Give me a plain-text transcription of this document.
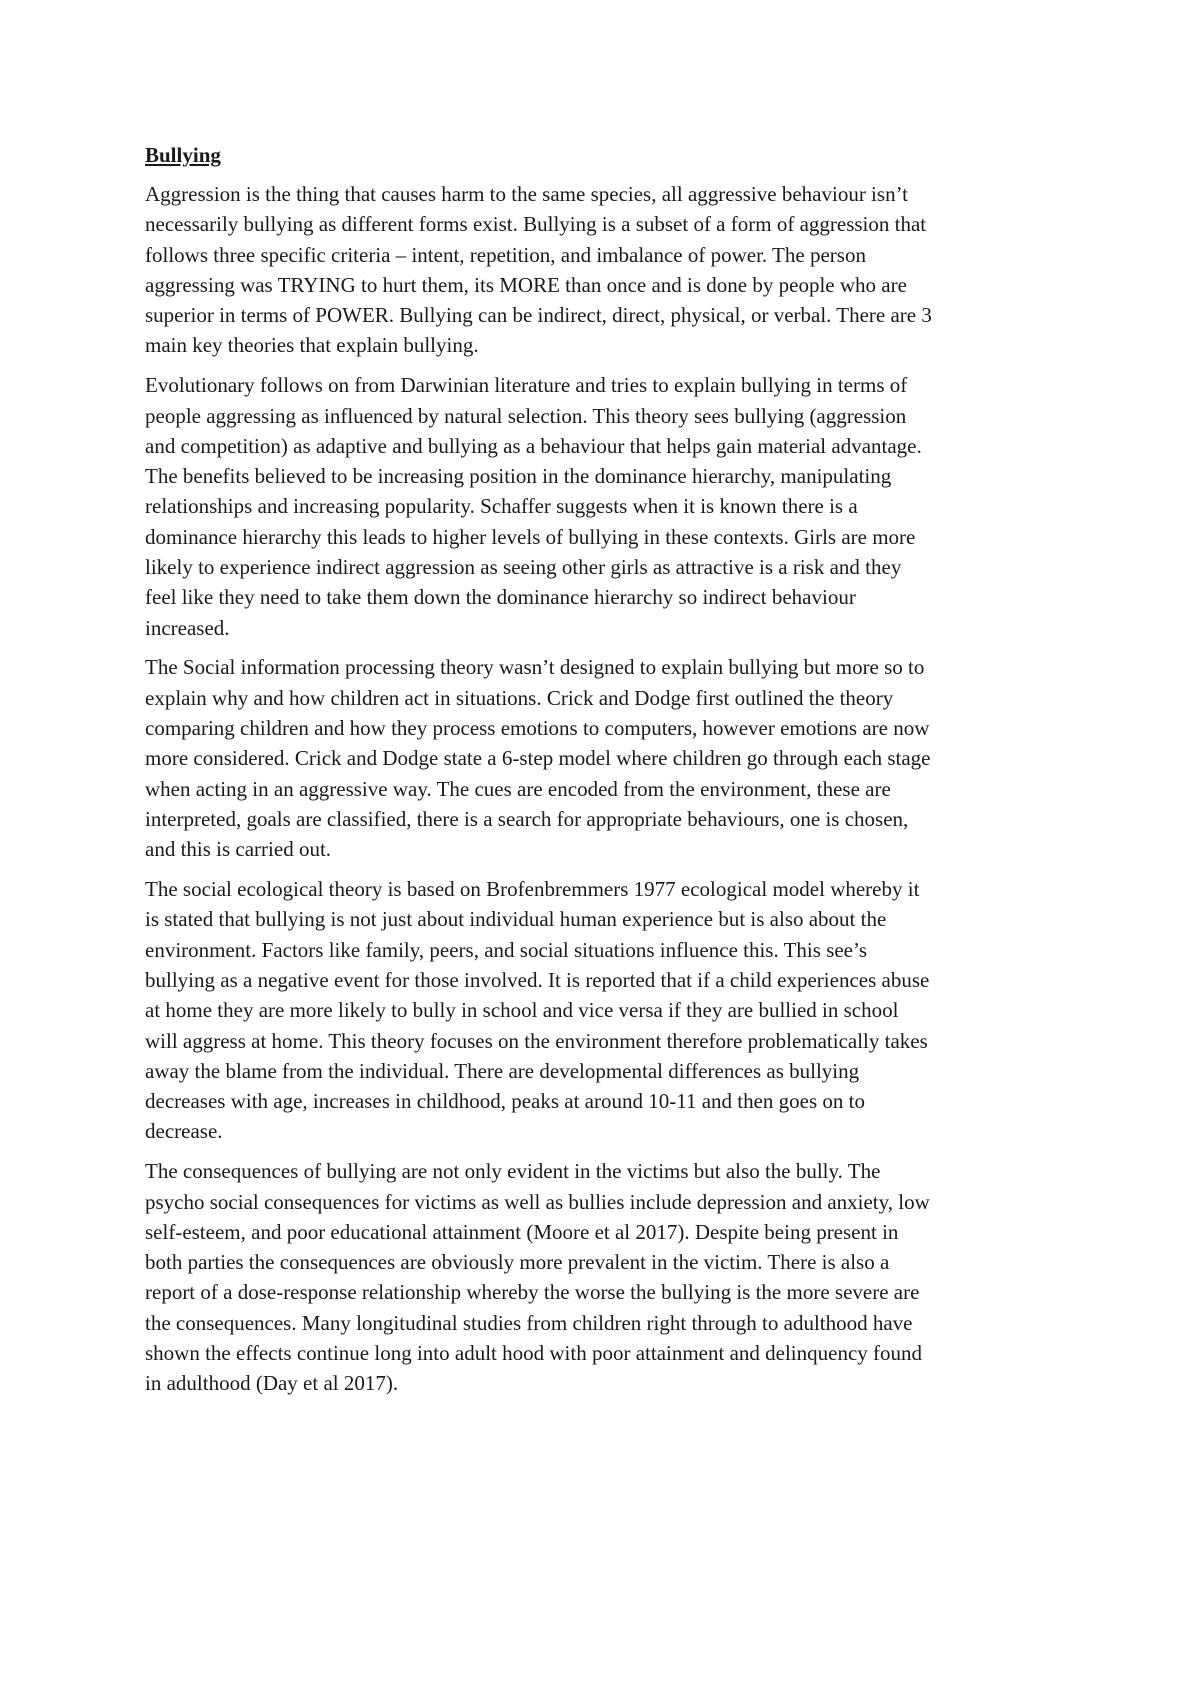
Bullying

Aggression is the thing that causes harm to the same species, all aggressive behaviour isn’t
necessarily bullying as different forms exist. Bullying is a subset of a form of aggression that
follows three specific criteria – intent, repetition, and imbalance of power. The person
aggressing was TRYING to hurt them, its MORE than once and is done by people who are
superior in terms of POWER. Bullying can be indirect, direct, physical, or verbal. There are 3
main key theories that explain bullying.

Evolutionary follows on from Darwinian literature and tries to explain bullying in terms of
people aggressing as influenced by natural selection. This theory sees bullying (aggression
and competition) as adaptive and bullying as a behaviour that helps gain material advantage.
The benefits believed to be increasing position in the dominance hierarchy, manipulating
relationships and increasing popularity. Schaffer suggests when it is known there is a
dominance hierarchy this leads to higher levels of bullying in these contexts. Girls are more
likely to experience indirect aggression as seeing other girls as attractive is a risk and they
feel like they need to take them down the dominance hierarchy so indirect behaviour
increased.

The Social information processing theory wasn’t designed to explain bullying but more so to
explain why and how children act in situations. Crick and Dodge first outlined the theory
comparing children and how they process emotions to computers, however emotions are now
more considered. Crick and Dodge state a 6-step model where children go through each stage
when acting in an aggressive way. The cues are encoded from the environment, these are
interpreted, goals are classified, there is a search for appropriate behaviours, one is chosen,
and this is carried out.

The social ecological theory is based on Brofenbremmers 1977 ecological model whereby it
is stated that bullying is not just about individual human experience but is also about the
environment. Factors like family, peers, and social situations influence this. This see’s
bullying as a negative event for those involved. It is reported that if a child experiences abuse
at home they are more likely to bully in school and vice versa if they are bullied in school
will aggress at home. This theory focuses on the environment therefore problematically takes
away the blame from the individual. There are developmental differences as bullying
decreases with age, increases in childhood, peaks at around 10-11 and then goes on to
decrease.

The consequences of bullying are not only evident in the victims but also the bully. The
psycho social consequences for victims as well as bullies include depression and anxiety, low
self-esteem, and poor educational attainment (Moore et al 2017). Despite being present in
both parties the consequences are obviously more prevalent in the victim. There is also a
report of a dose-response relationship whereby the worse the bullying is the more severe are
the consequences. Many longitudinal studies from children right through to adulthood have
shown the effects continue long into adult hood with poor attainment and delinquency found
in adulthood (Day et al 2017).
